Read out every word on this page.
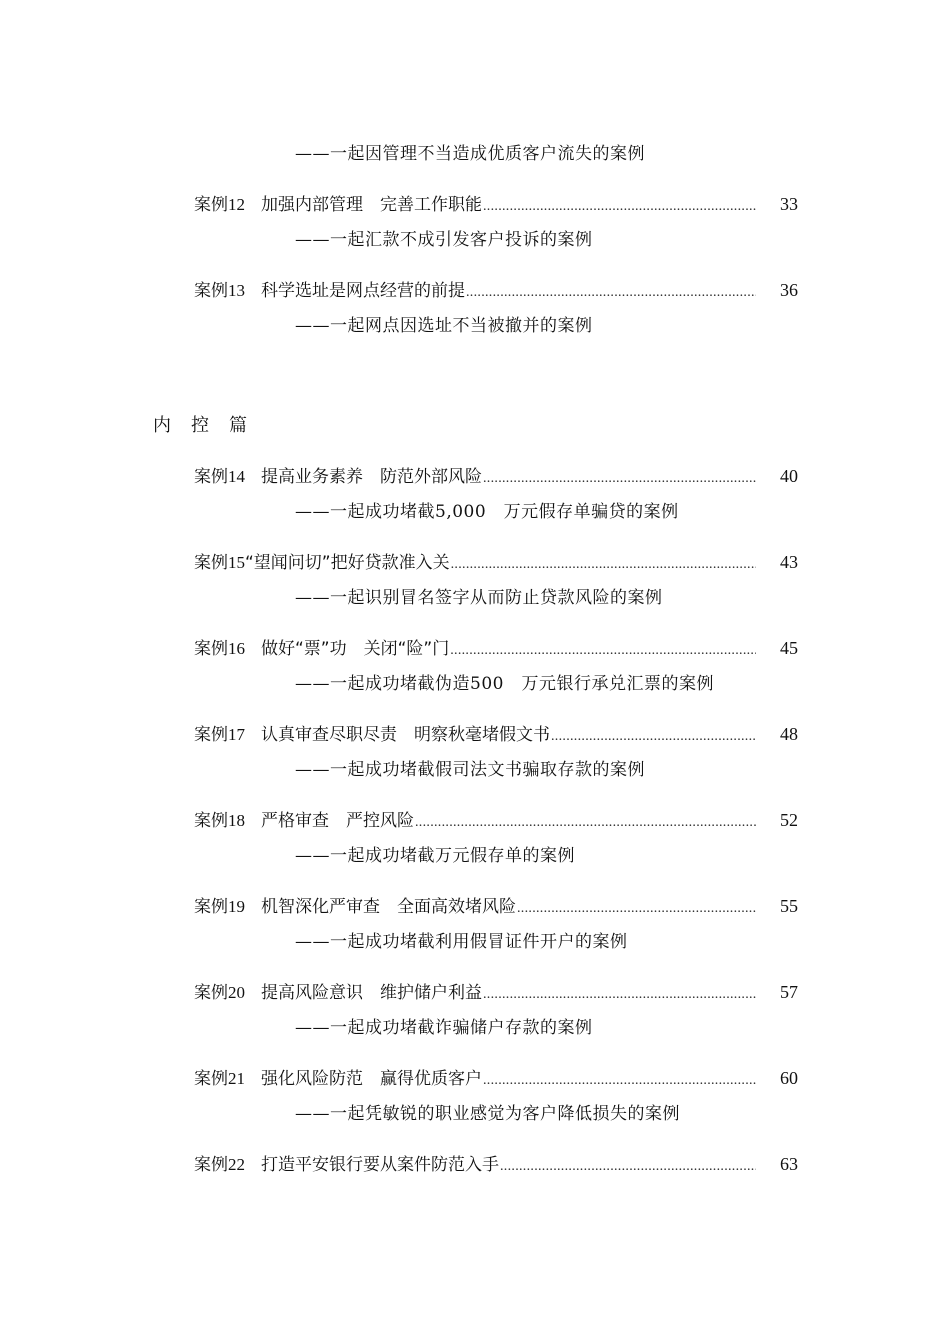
——一起因管理不当造成优质客户流失的案例
案例12 加强内部管理　完善工作职能 .....	33
——一起汇款不成引发客户投诉的案例
案例13 科学选址是网点经营的前提 .....	36
——一起网点因选址不当被撤并的案例
内控篇
案例14 提高业务素养　防范外部风险 .....	40
——一起成功堵截5,000　万元假存单骗贷的案例
案例15 “望闻问切”把好贷款准入关 .....	43
——一起识别冒名签字从而防止贷款风险的案例
案例16 做好“票”功　关闭“险”门 .....	45
——一起成功堵截伪造500　万元银行承兑汇票的案例
案例17 认真审查尽职尽责　明察秋毫堵假文书 .....	48
——一起成功堵截假司法文书骗取存款的案例
案例18 严格审查　严控风险 .....	52
——一起成功堵截万元假存单的案例
案例19 机智深化严审查　全面高效堵风险 .....	55
——一起成功堵截利用假冒证件开户的案例
案例20 提高风险意识　维护储户利益 .....	57
——一起成功堵截诈骗储户存款的案例
案例21 强化风险防范　赢得优质客户 .....	60
——一起凭敏锐的职业感觉为客户降低损失的案例
案例22 打造平安银行要从案件防范入手 .....	63
